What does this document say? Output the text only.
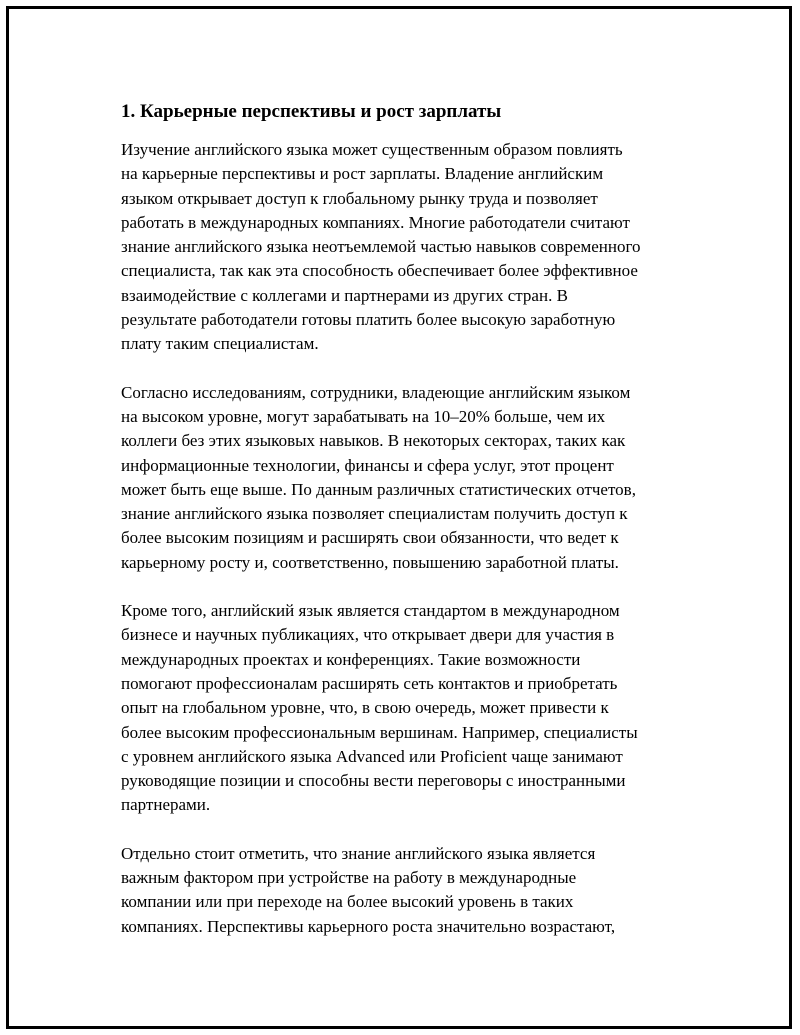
1. Карьерные перспективы и рост зарплаты

Изучение английского языка может существенным образом повлиять
на карьерные перспективы и рост зарплаты. Владение английским
языком открывает доступ к глобальному рынку труда и позволяет
работать в международных компаниях. Многие работодатели считают
знание английского языка неотъемлемой частью навыков современного
специалиста, так как эта способность обеспечивает более эффективное
взаимодействие с коллегами и партнерами из других стран. В
результате работодатели готовы платить более высокую заработную
плату таким специалистам.

Согласно исследованиям, сотрудники, владеющие английским языком
на высоком уровне, могут зарабатывать на 10–20% больше, чем их
коллеги без этих языковых навыков. В некоторых секторах, таких как
информационные технологии, финансы и сфера услуг, этот процент
может быть еще выше. По данным различных статистических отчетов,
знание английского языка позволяет специалистам получить доступ к
более высоким позициям и расширять свои обязанности, что ведет к
карьерному росту и, соответственно, повышению заработной платы.

Кроме того, английский язык является стандартом в международном
бизнесе и научных публикациях, что открывает двери для участия в
международных проектах и конференциях. Такие возможности
помогают профессионалам расширять сеть контактов и приобретать
опыт на глобальном уровне, что, в свою очередь, может привести к
более высоким профессиональным вершинам. Например, специалисты
с уровнем английского языка Advanced или Proficient чаще занимают
руководящие позиции и способны вести переговоры с иностранными
партнерами.

Отдельно стоит отметить, что знание английского языка является
важным фактором при устройстве на работу в международные
компании или при переходе на более высокий уровень в таких
компаниях. Перспективы карьерного роста значительно возрастают,
